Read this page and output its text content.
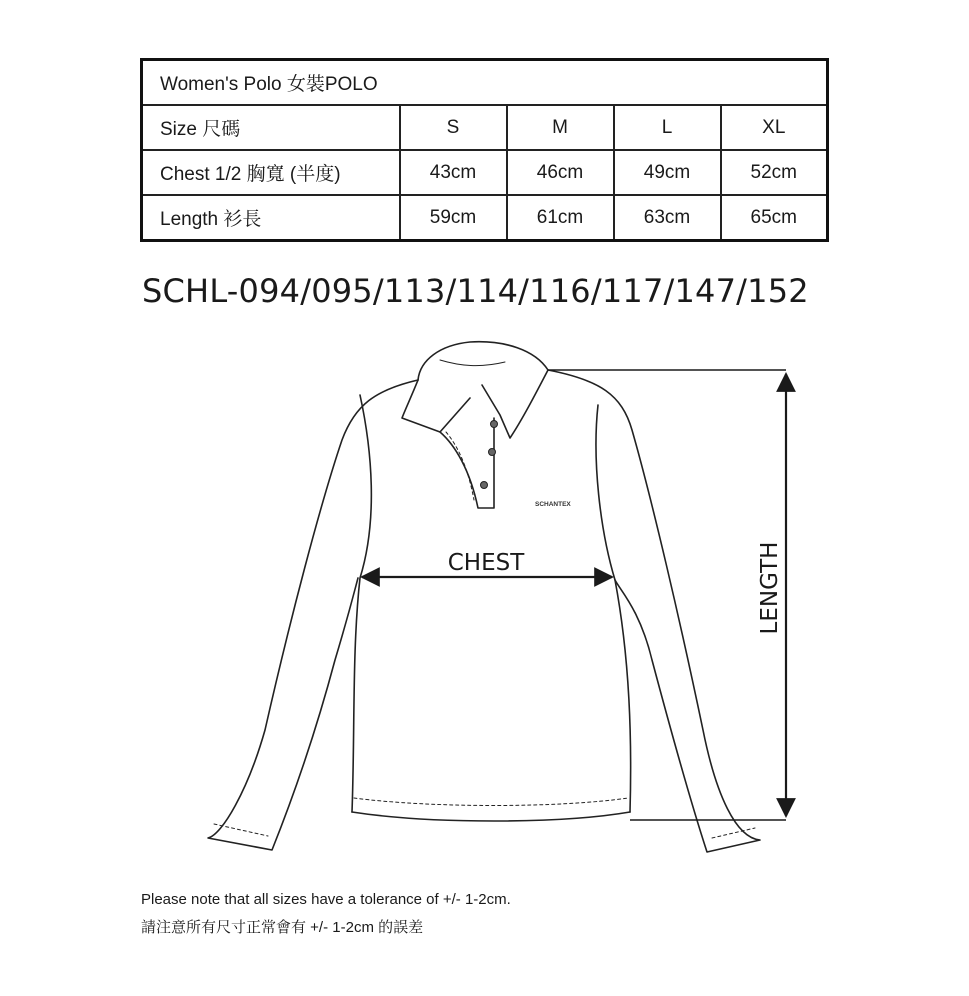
Women's Polo 女裝POLO				
Size 尺碼	S	M	L	XL
Chest 1/2 胸寬 (半度)	43cm	46cm	49cm	52cm
Length 衫長	59cm	61cm	63cm	65cm
SCHL-094/095/113/114/116/117/147/152
SCHANTEX
CHEST	LENGTH
Please note that all sizes have a tolerance of +/- 1-2cm.
請注意所有尺寸正常會有 +/- 1-2cm 的誤差
